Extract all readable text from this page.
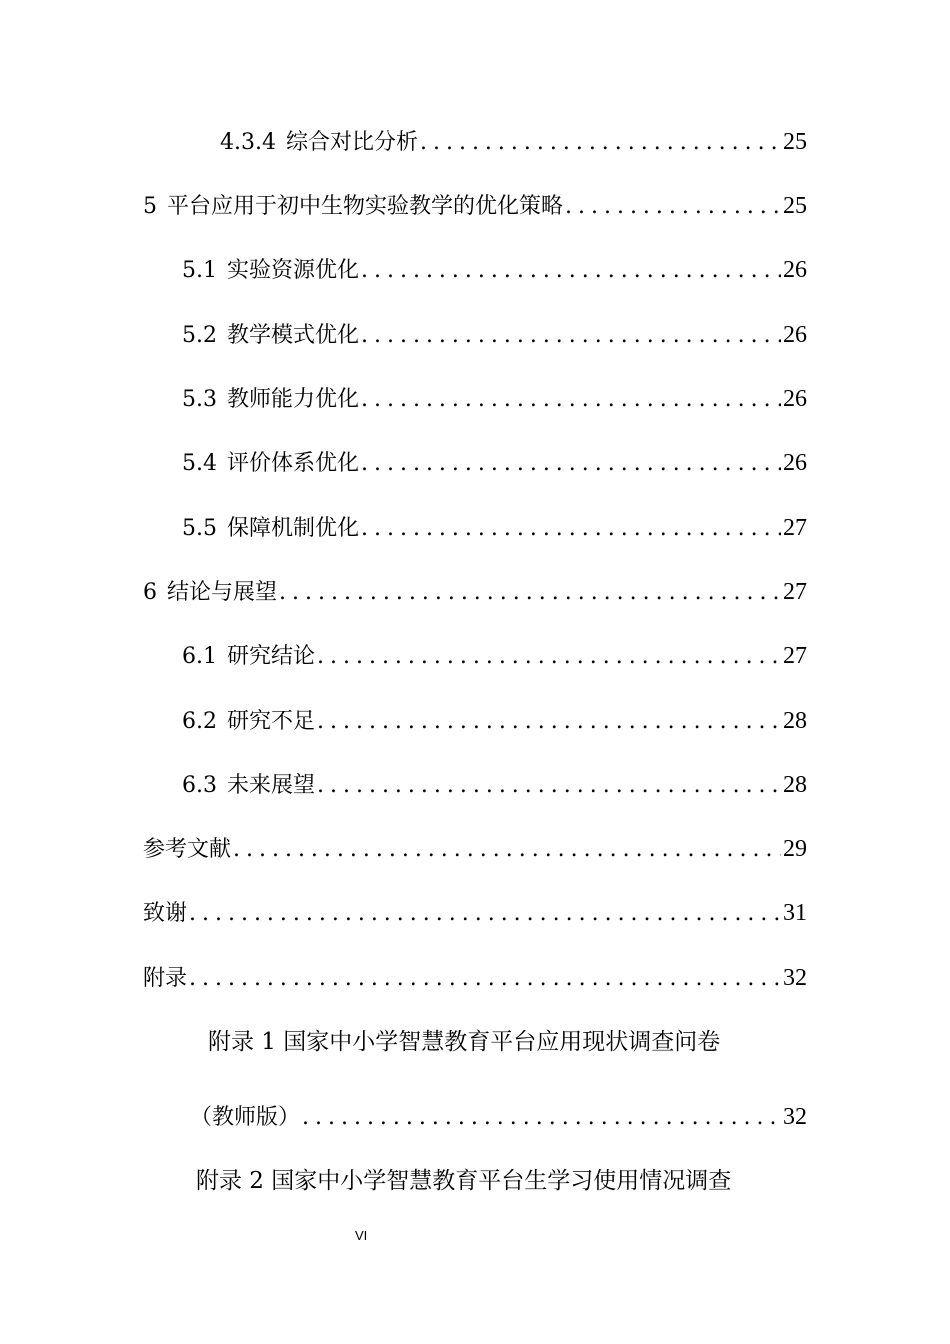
4.3.4 综合对比分析 . . .	25
5 平台应用于初中生物实验教学的优化策略 . . .	25
5.1 实验资源优化 . . .	26
5.2 教学模式优化 . . .	26
5.3 教师能力优化 . . .	26
5.4 评价体系优化 . . .	26
5.5 保障机制优化 . . .	27
6 结论与展望 . . .	27
6.1 研究结论 . . .	27
6.2 研究不足 . . .	28
6.3 未来展望 . . .	28
参考文献 . . .	29
致谢 . . .	31
附录 . . .	32
附录 1 国家中小学智慧教育平台应用现状调查问卷
（教师版） . . .	32
附录 2 国家中小学智慧教育平台生学习使用情况调查
VI
